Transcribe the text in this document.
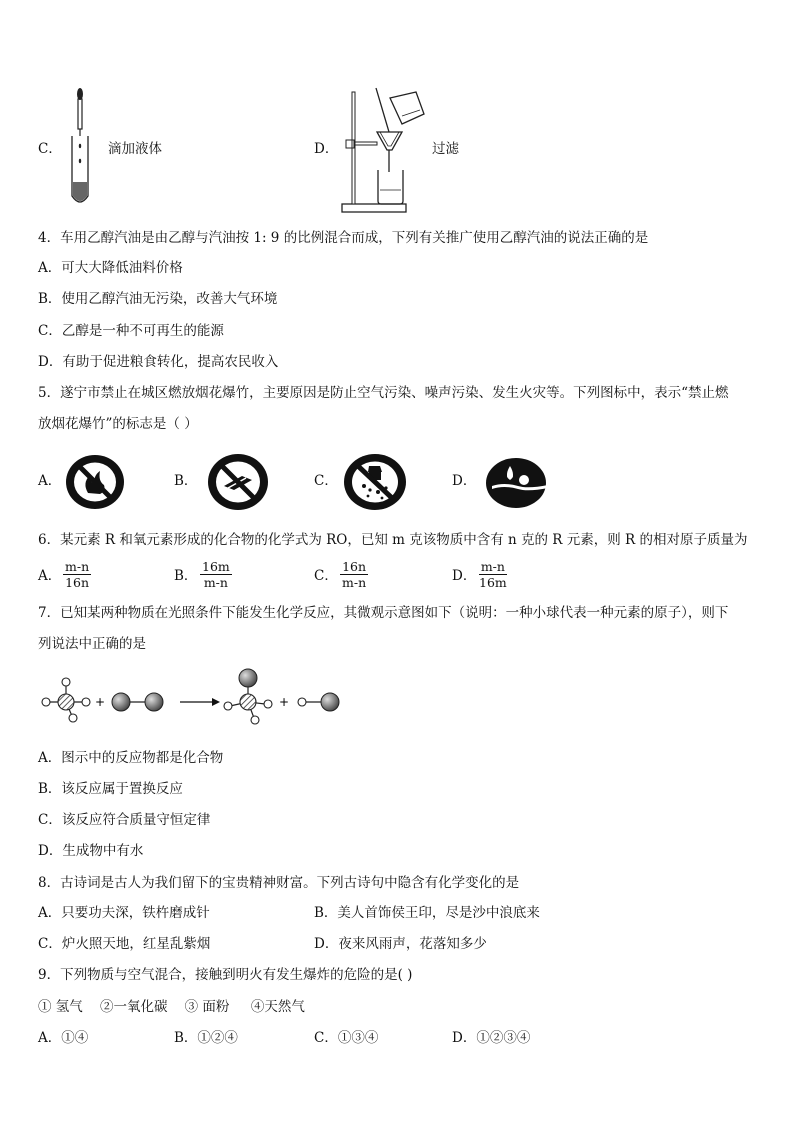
C．	滴加液体	D．	过滤
4．车用乙醇汽油是由乙醇与汽油按 1: 9 的比例混合而成，下列有关推广使用乙醇汽油的说法正确的是
A．可大大降低油料价格
B．使用乙醇汽油无污染，改善大气环境
C．乙醇是一种不可再生的能源
D．有助于促进粮食转化，提高农民收入
5．遂宁市禁止在城区燃放烟花爆竹，主要原因是防止空气污染、噪声污染、发生火灾等。下列图标中，表示“禁止燃
放烟花爆竹”的标志是（ ）
A．	B．	C．	D．
6．某元素 R 和氧元素形成的化合物的化学式为 RO，已知 m 克该物质中含有 n 克的 R 元素，则 R 的相对原子质量为
A． $\frac{m-n}{16n}$	B． $\frac{16m}{m-n}$	C． $\frac{16n}{m-n}$	D． $\frac{m-n}{16m}$
7．已知某两种物质在光照条件下能发生化学反应，其微观示意图如下（说明：一种小球代表一种元素的原子），则下
列说法中正确的是
+	+
A．图示中的反应物都是化合物
B．该反应属于置换反应
C．该反应符合质量守恒定律
D．生成物中有水
8．古诗词是古人为我们留下的宝贵精神财富。下列古诗句中隐含有化学变化的是
A．只要功夫深，铁杵磨成针	B．美人首饰侯王印，尽是沙中浪底来
C．炉火照天地，红星乱紫烟	D．夜来风雨声，花落知多少
9．下列物质与空气混合，接触到明火有发生爆炸的危险的是( )
① 氢气    ②一氧化碳    ③ 面粉     ④天然气
A．①④	B．①②④	C．①③④	D．①②③④
